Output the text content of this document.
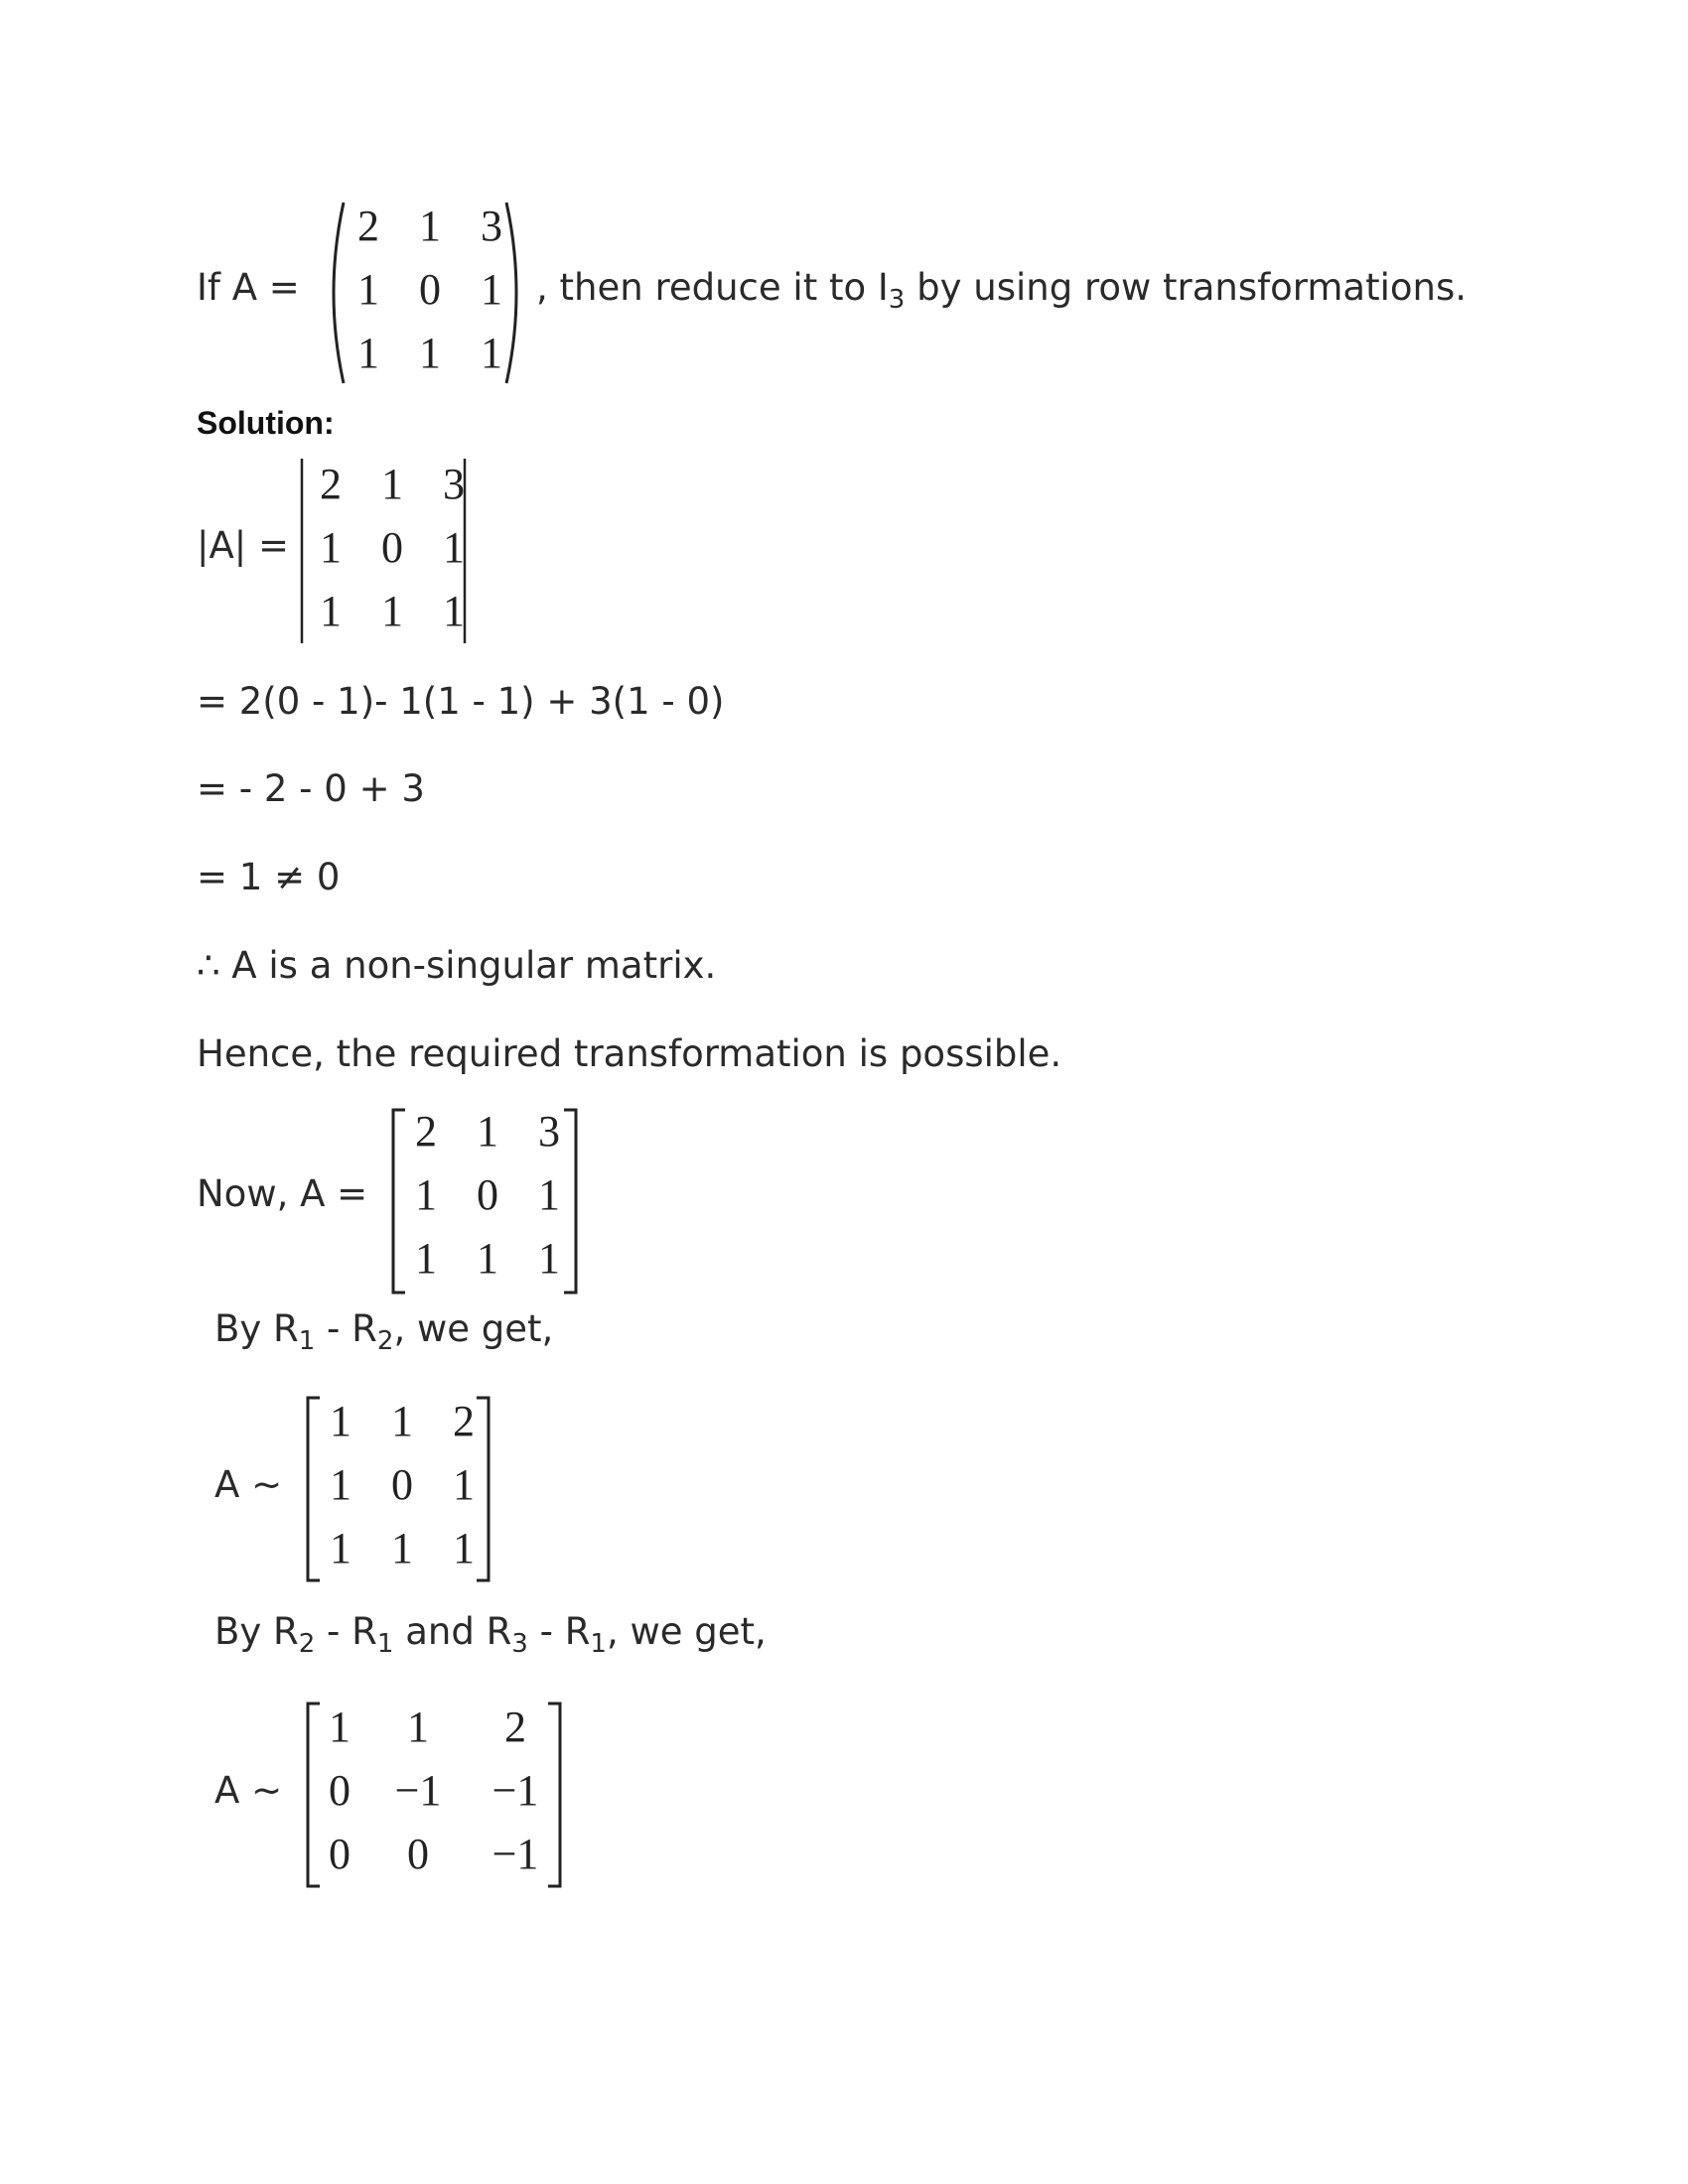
If A =
2	1	3
1	0	1
1	1	1
, then reduce it to $I_3$ by using row transformations.
Solution:
|A| =
2	1	3
1	0	1
1	1	1
= 2(0 - 1)- 1(1 - 1) + 3(1 - 0)
= - 2 - 0 + 3
= 1 ≠ 0
∴ A is a non-singular matrix.
Hence, the required transformation is possible.
Now, A =
2	1	3
1	0	1
1	1	1
By $R_1 - R_2$, we get,
A ~
1	1	2
1	0	1
1	1	1
By $R_2 - R_1$ and $R_3 - R_1$, we get,
A ~
1	1	2
0	−1	−1
0	0	−1
